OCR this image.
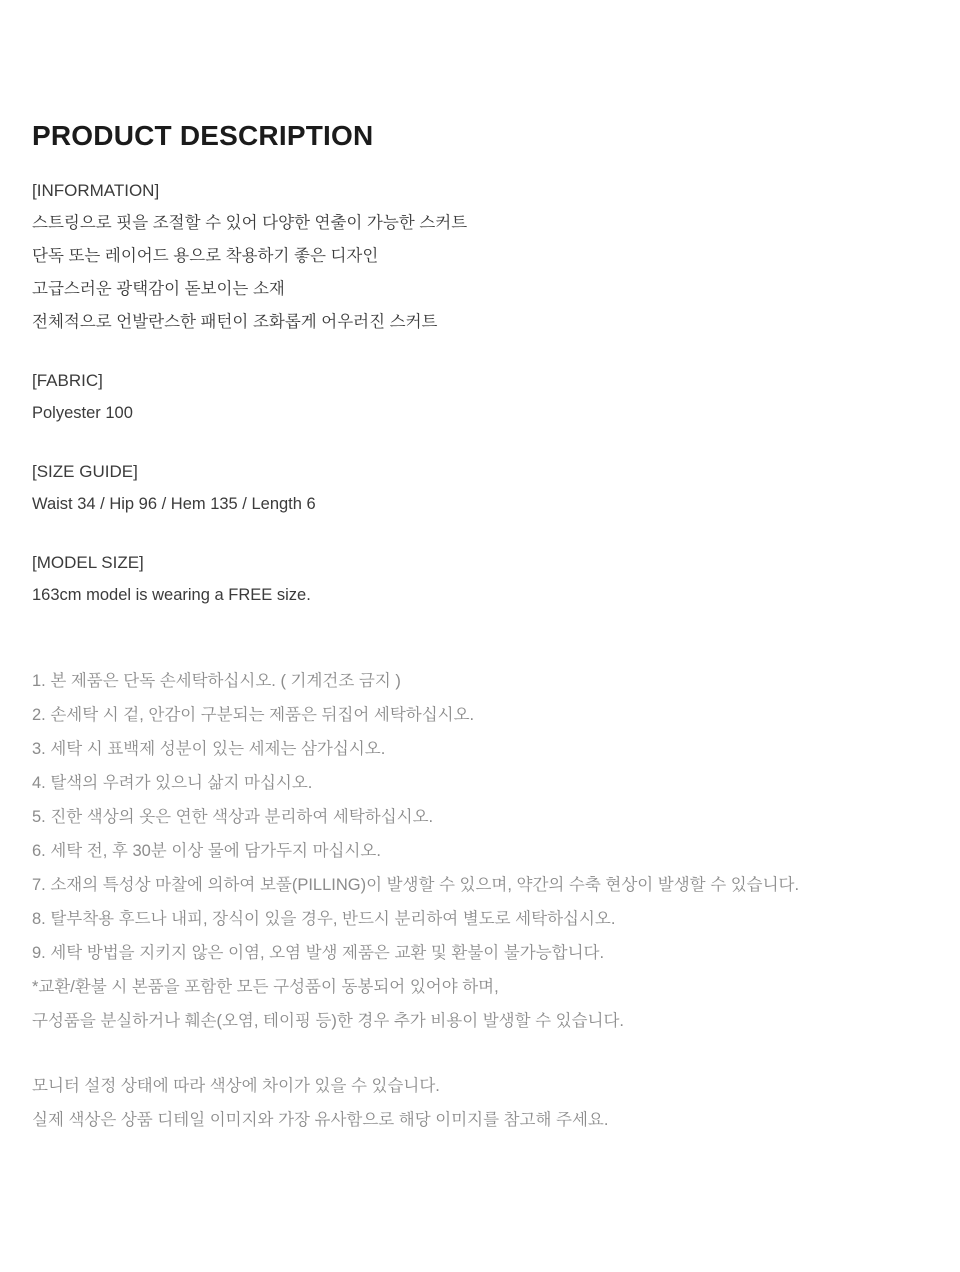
PRODUCT DESCRIPTION

[INFORMATION]

스트링으로 핏을 조절할 수 있어 다양한 연출이 가능한 스커트

단독 또는 레이어드 용으로 착용하기 좋은 디자인

고급스러운 광택감이 돋보이는 소재

전체적으로 언발란스한 패턴이 조화롭게 어우러진 스커트

[FABRIC]

Polyester 100

[SIZE GUIDE]

Waist 34 / Hip 96 / Hem 135 / Length 6

[MODEL SIZE]

163cm model is wearing a FREE size.

1. 본 제품은 단독 손세탁하십시오. ( 기계건조 금지 )

2. 손세탁 시 겉, 안감이 구분되는 제품은 뒤집어 세탁하십시오.

3. 세탁 시 표백제 성분이 있는 세제는 삼가십시오.

4. 탈색의 우려가 있으니 삶지 마십시오.

5. 진한 색상의 옷은 연한 색상과 분리하여 세탁하십시오.

6. 세탁 전, 후 30분 이상 물에 담가두지 마십시오.

7. 소재의 특성상 마찰에 의하여 보풀(PILLING)이 발생할 수 있으며, 약간의 수축 현상이 발생할 수 있습니다.

8. 탈부착용 후드나 내피, 장식이 있을 경우, 반드시 분리하여 별도로 세탁하십시오.

9. 세탁 방법을 지키지 않은 이염, 오염 발생 제품은 교환 및 환불이 불가능합니다.

*교환/환불 시 본품을 포함한 모든 구성품이 동봉되어 있어야 하며,

구성품을 분실하거나 훼손(오염, 테이핑 등)한 경우 추가 비용이 발생할 수 있습니다.

모니터 설정 상태에 따라 색상에 차이가 있을 수 있습니다.

실제 색상은 상품 디테일 이미지와 가장 유사함으로 해당 이미지를 참고해 주세요.
